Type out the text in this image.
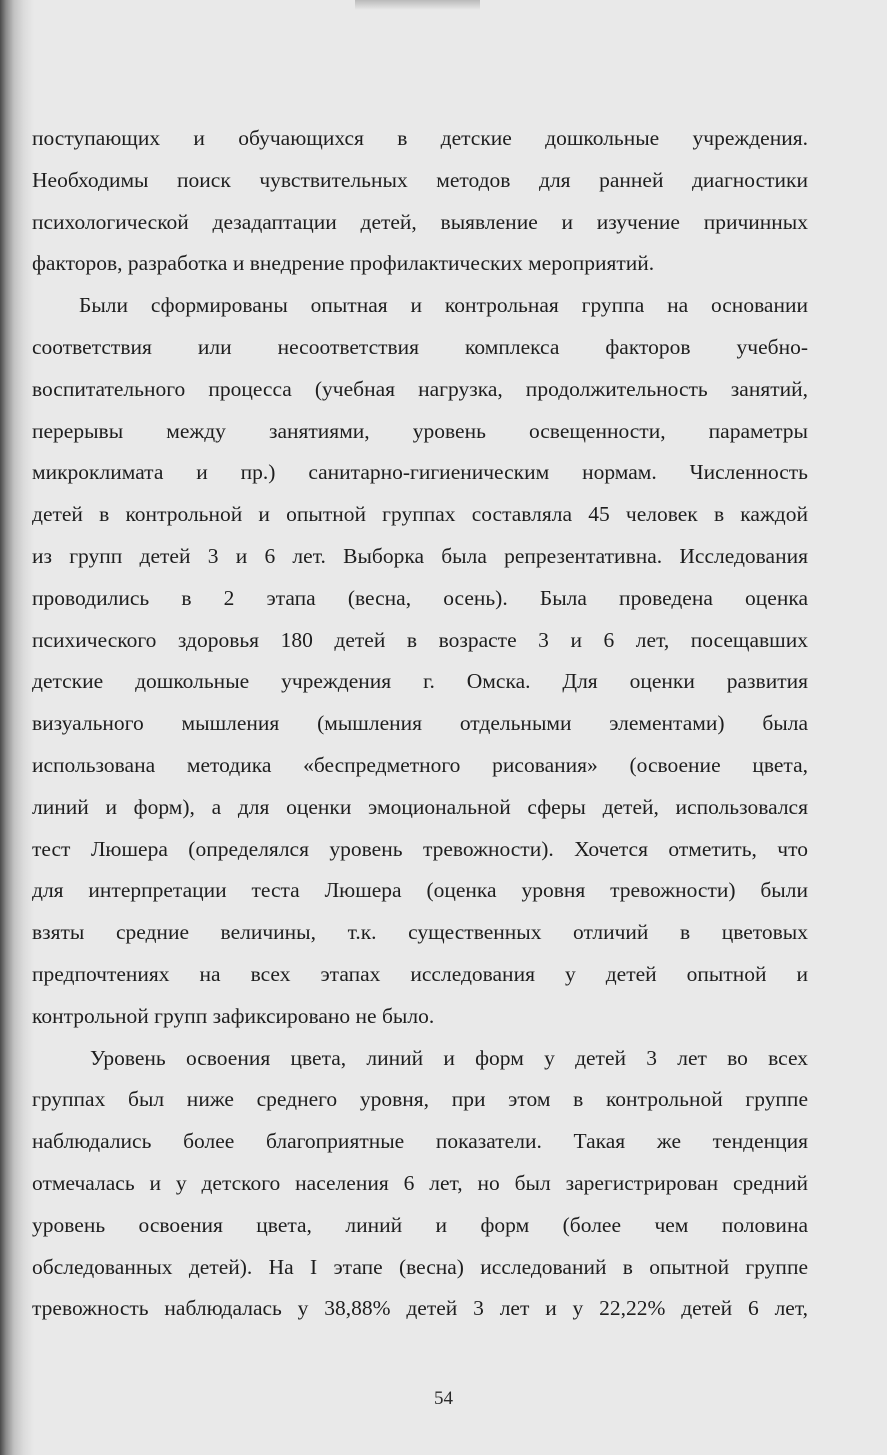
поступающих и обучающихся в детские дошкольные учреждения.
Необходимы поиск чувствительных методов для ранней диагностики
психологической дезадаптации детей, выявление и изучение причинных
факторов, разработка и внедрение профилактических мероприятий.
Были сформированы опытная и контрольная группа на основании
соответствия или несоответствия комплекса факторов учебно-
воспитательного процесса (учебная нагрузка, продолжительность занятий,
перерывы между занятиями, уровень освещенности, параметры
микроклимата и пр.) санитарно-гигиеническим нормам. Численность
детей в контрольной и опытной группах составляла 45 человек в каждой
из групп детей 3 и 6 лет. Выборка была репрезентативна. Исследования
проводились в 2 этапа (весна, осень). Была проведена оценка
психического здоровья 180 детей в возрасте 3 и 6 лет, посещавших
детские дошкольные учреждения г. Омска. Для оценки развития
визуального мышления (мышления отдельными элементами) была
использована методика «беспредметного рисования» (освоение цвета,
линий и форм), а для оценки эмоциональной сферы детей, использовался
тест Люшера (определялся уровень тревожности). Хочется отметить, что
для интерпретации теста Люшера (оценка уровня тревожности) были
взяты средние величины, т.к. существенных отличий в цветовых
предпочтениях на всех этапах исследования у детей опытной и
контрольной групп зафиксировано не было.
Уровень освоения цвета, линий и форм у детей 3 лет во всех
группах был ниже среднего уровня, при этом в контрольной группе
наблюдались более благоприятные показатели. Такая же тенденция
отмечалась и у детского населения 6 лет, но был зарегистрирован средний
уровень освоения цвета, линий и форм (более чем половина
обследованных детей). На I этапе (весна) исследований в опытной группе
тревожность наблюдалась у 38,88% детей 3 лет и у 22,22% детей 6 лет,
54
